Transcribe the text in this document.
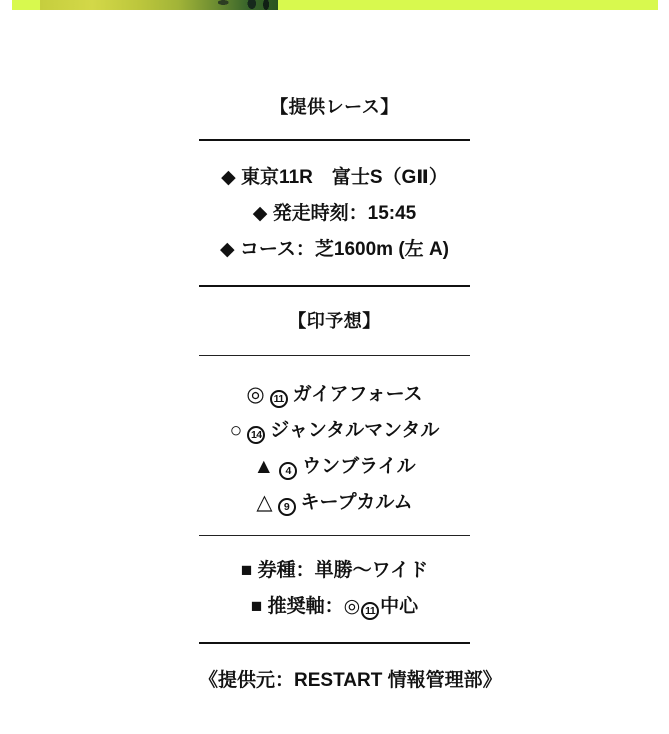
【提供レース】

◆ 東京11R　富士S（GⅡ）

◆ 発走時刻：15:45

◆ コース：芝1600m (左 A)

【印予想】

◎ 11 ガイアフォース

○ 14 ジャンタルマンタル

▲ 4 ウンブライル

△ 9 キープカルム

■ 券種：単勝～ワイド

■ 推奨軸：◎ 11 中心

《提供元：RESTART 情報管理部》
